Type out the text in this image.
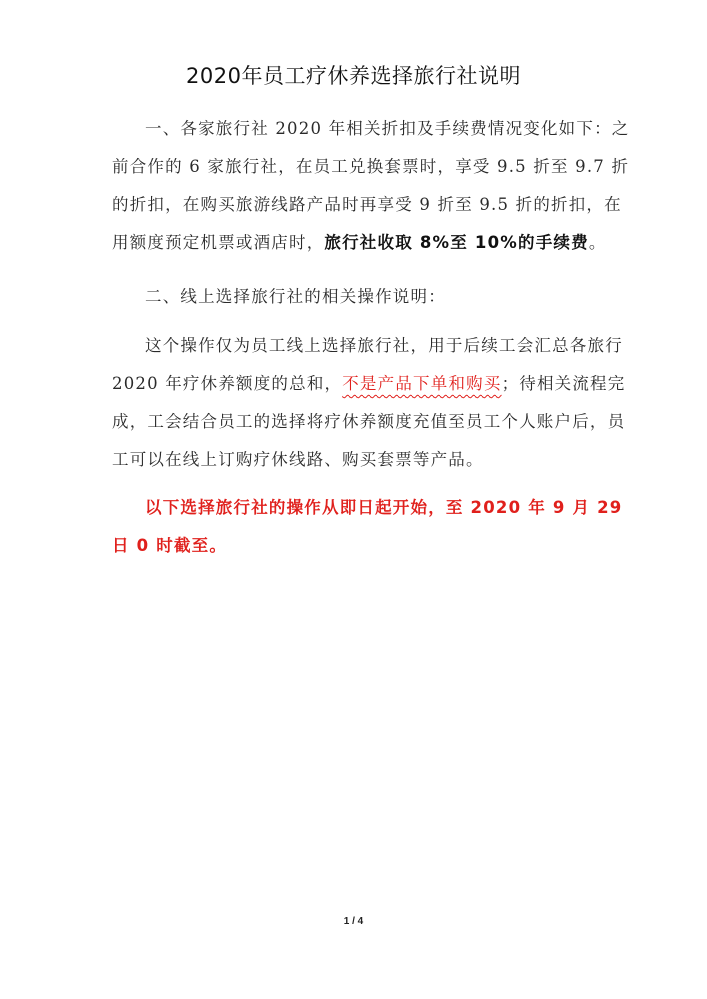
2020年员工疗休养选择旅行社说明

一、各家旅行社 2020 年相关折扣及手续费情况变化如下：之前合作的 6 家旅行社，在员工兑换套票时，享受 9.5 折至 9.7 折的折扣，在购买旅游线路产品时再享受 9 折至 9.5 折的折扣，在用额度预定机票或酒店时，旅行社收取 8%至 10%的手续费。

二、线上选择旅行社的相关操作说明：

这个操作仅为员工线上选择旅行社，用于后续工会汇总各旅行 2020 年疗休养额度的总和，不是产品下单和购买；待相关流程完成，工会结合员工的选择将疗休养额度充值至员工个人账户后，员工可以在线上订购疗休线路、购买套票等产品。

以下选择旅行社的操作从即日起开始，至 2020 年 9 月 29 日 0 时截至。

1 / 4
